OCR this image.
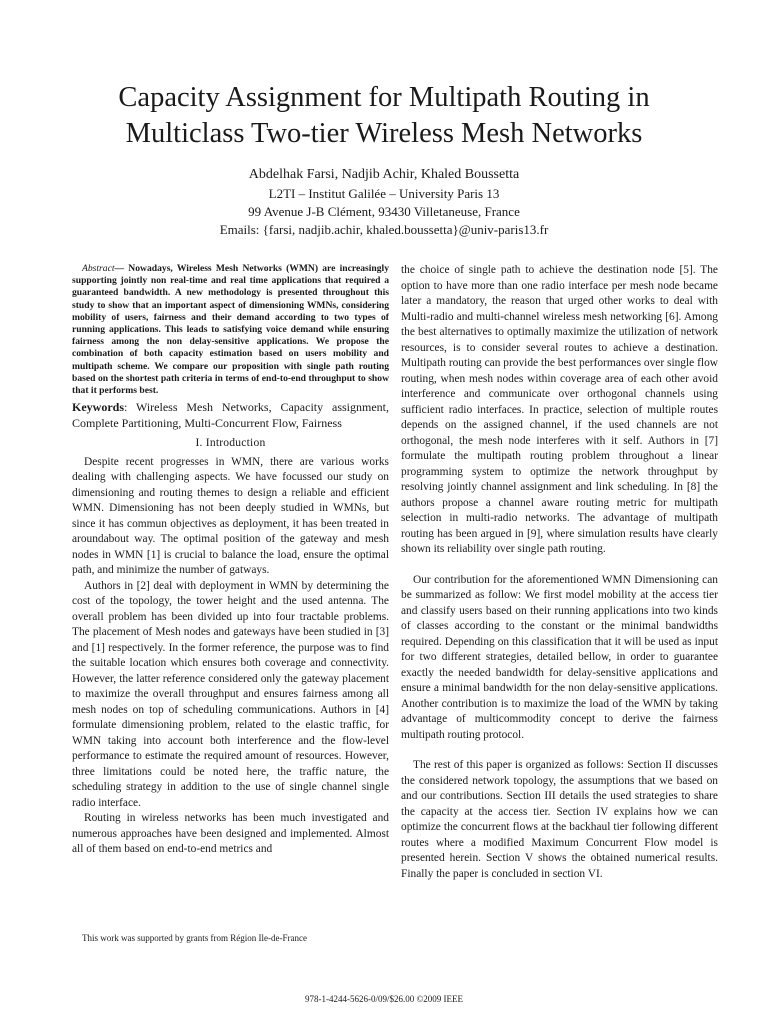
Capacity Assignment for Multipath Routing in Multiclass Two-tier Wireless Mesh Networks
Abdelhak Farsi, Nadjib Achir, Khaled Boussetta
L2TI – Institut Galilée – University Paris 13
99 Avenue J-B Clément, 93430 Villetaneuse, France
Emails: {farsi, nadjib.achir, khaled.boussetta}@univ-paris13.fr

Abstract— Nowadays, Wireless Mesh Networks (WMN) are increasingly supporting jointly non real-time and real time applications that required a guaranteed bandwidth. A new methodology is presented throughout this study to show that an important aspect of dimensioning WMNs, considering mobility of users, fairness and their demand according to two types of running applications. This leads to satisfying voice demand while ensuring fairness among the non delay-sensitive applications. We propose the combination of both capacity estimation based on users mobility and multipath scheme. We compare our proposition with single path routing based on the shortest path criteria in terms of end-to-end throughput to show that it performs best.

Keywords: Wireless Mesh Networks, Capacity assignment, Complete Partitioning, Multi-Concurrent Flow, Fairness

I. Introduction

Despite recent progresses in WMN, there are various works dealing with challenging aspects. We have focussed our study on dimensioning and routing themes to design a reliable and efficient WMN. Dimensioning has not been deeply studied in WMNs, but since it has commun objectives as deployment, it has been treated in aroundabout way. The optimal position of the gateway and mesh nodes in WMN [1] is crucial to balance the load, ensure the optimal path, and minimize the number of gatways.

Authors in [2] deal with deployment in WMN by determining the cost of the topology, the tower height and the used antenna. The overall problem has been divided up into four tractable problems. The placement of Mesh nodes and gateways have been studied in [3] and [1] respectively. In the former reference, the purpose was to find the suitable location which ensures both coverage and connectivity. However, the latter reference considered only the gateway placement to maximize the overall throughput and ensures fairness among all mesh nodes on top of scheduling communications. Authors in [4] formulate dimensioning problem, related to the elastic traffic, for WMN taking into account both interference and the flow-level performance to estimate the required amount of resources. However, three limitations could be noted here, the traffic nature, the scheduling strategy in addition to the use of single channel single radio interface.

Routing in wireless networks has been much investigated and numerous approaches have been designed and implemented. Almost all of them based on end-to-end metrics and

the choice of single path to achieve the destination node [5]. The option to have more than one radio interface per mesh node became later a mandatory, the reason that urged other works to deal with Multi-radio and multi-channel wireless mesh networking [6]. Among the best alternatives to optimally maximize the utilization of network resources, is to consider several routes to achieve a destination. Multipath routing can provide the best performances over single flow routing, when mesh nodes within coverage area of each other avoid interference and communicate over orthogonal channels using sufficient radio interfaces. In practice, selection of multiple routes depends on the assigned channel, if the used channels are not orthogonal, the mesh node interferes with it self. Authors in [7] formulate the multipath routing problem throughout a linear programming system to optimize the network throughput by resolving jointly channel assignment and link scheduling. In [8] the authors propose a channel aware routing metric for multipath selection in multi-radio networks. The advantage of multipath routing has been argued in [9], where simulation results have clearly shown its reliability over single path routing.

Our contribution for the aforementioned WMN Dimensioning can be summarized as follow: We first model mobility at the access tier and classify users based on their running applications into two kinds of classes according to the constant or the minimal bandwidths required. Depending on this classification that it will be used as input for two different strategies, detailed bellow, in order to guarantee exactly the needed bandwidth for delay-sensitive applications and ensure a minimal bandwidth for the non delay-sensitive applications. Another contribution is to maximize the load of the WMN by taking advantage of multicommodity concept to derive the fairness multipath routing protocol.

The rest of this paper is organized as follows: Section II discusses the considered network topology, the assumptions that we based on and our contributions. Section III details the used strategies to share the capacity at the access tier. Section IV explains how we can optimize the concurrent flows at the backhaul tier following different routes where a modified Maximum Concurrent Flow model is presented herein. Section V shows the obtained numerical results. Finally the paper is concluded in section VI.

This work was supported by grants from Région Ile-de-France
978-1-4244-5626-0/09/$26.00 ©2009 IEEE
